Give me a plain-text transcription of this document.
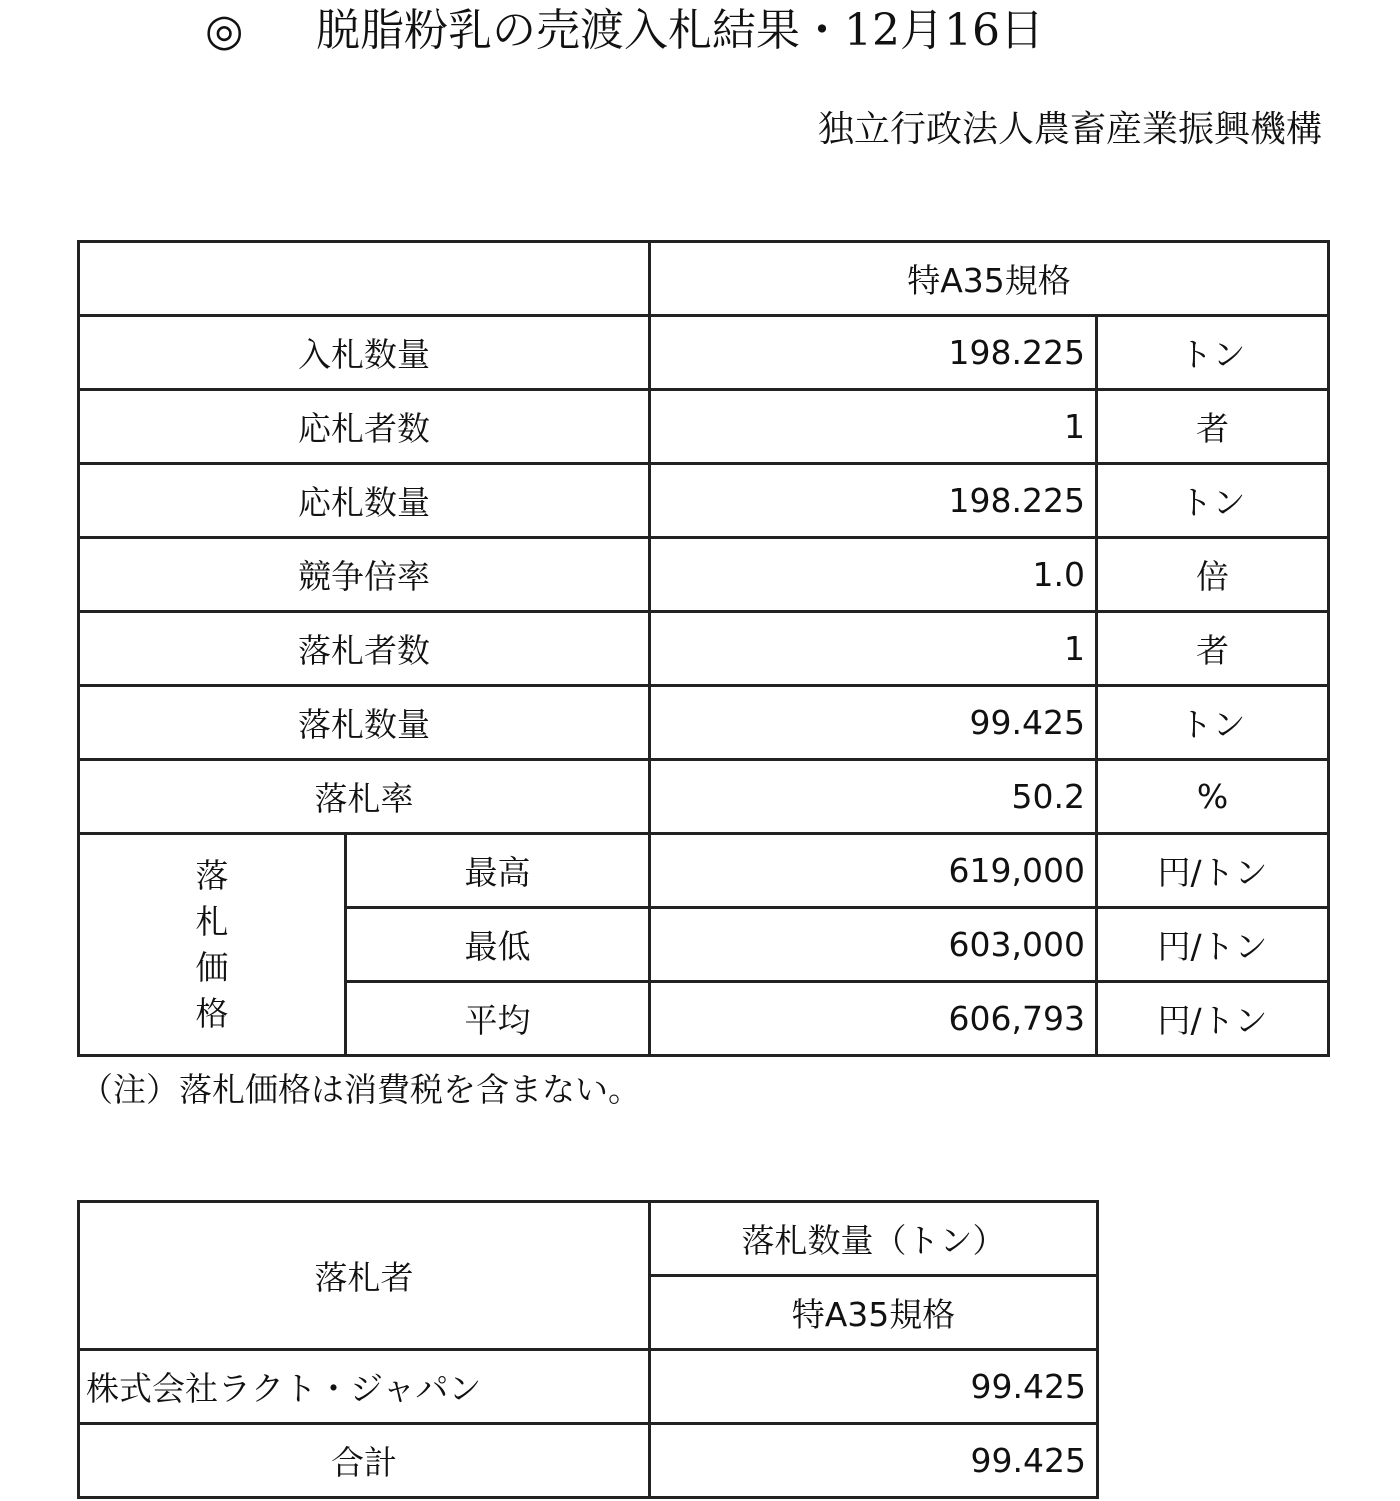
◎ 脱脂粉乳の売渡入札結果・12月16日
独立行政法人農畜産業振興機構
		特A35規格	
入札数量		198.225	トン
応札者数		1	者
応札数量		198.225	トン
競争倍率		1.0	倍
落札者数		1	者
落札数量		99.425	トン
落札率		50.2	%

落
札
価
格	最高	619,000	円/トン
	最低	603,000	円/トン
	平均	606,793	円/トン
（注）落札価格は消費税を含まない。
落札者	落札数量（トン）
	特A35規格
株式会社ラクト・ジャパン	99.425
合計	99.425
